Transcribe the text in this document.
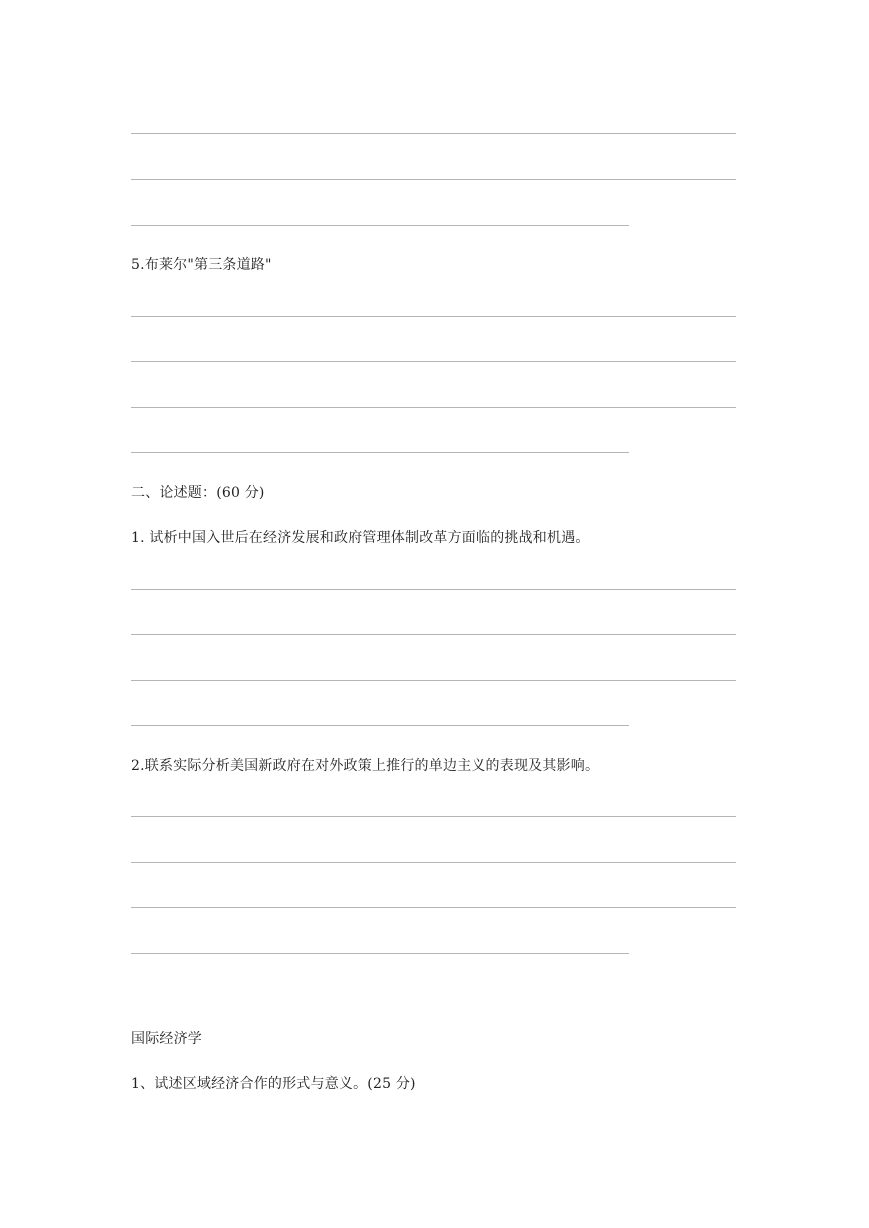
5.布莱尔"第三条道路"
二、论述题：(60 分)
1. 试析中国入世后在经济发展和政府管理体制改革方面临的挑战和机遇。
2.联系实际分析美国新政府在对外政策上推行的单边主义的表现及其影响。
国际经济学
1、试述区域经济合作的形式与意义。(25 分)
